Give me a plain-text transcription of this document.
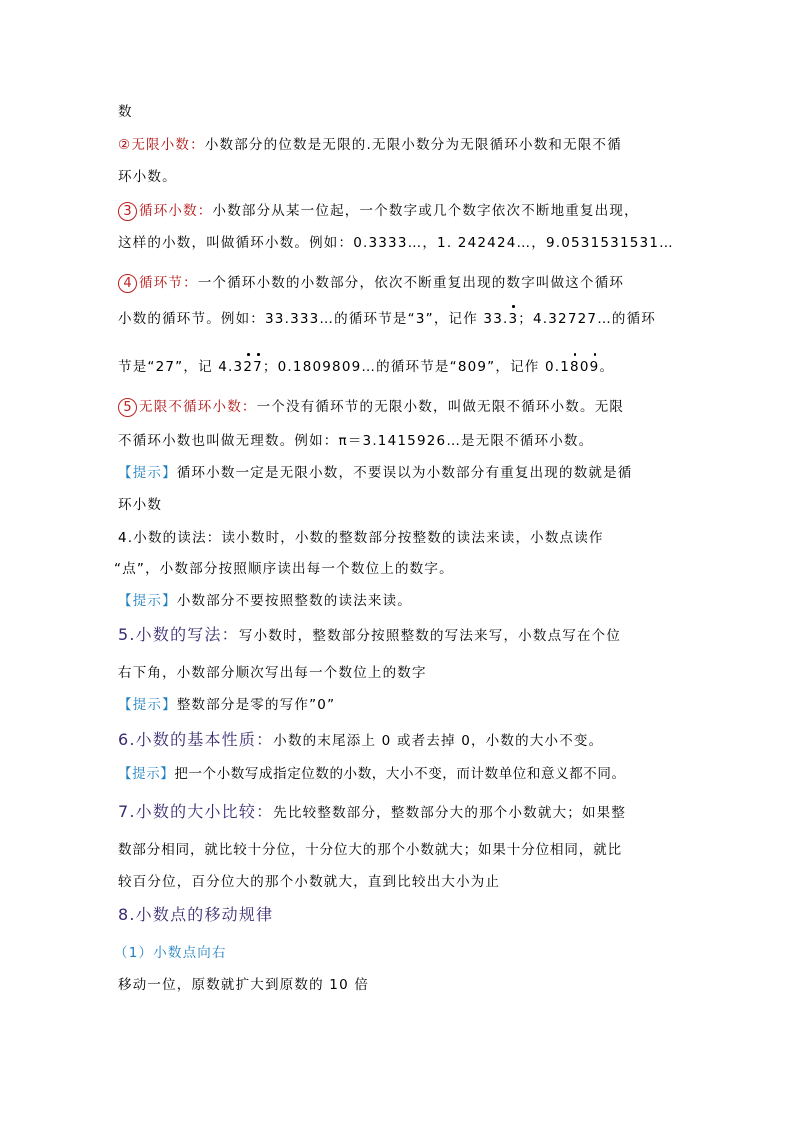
数
②无限小数：小数部分的位数是无限的.无限小数分为无限循环小数和无限不循
环小数。
3 循环小数：小数部分从某一位起，一个数字或几个数字依次不断地重复出现，
这样的小数，叫做循环小数。例如：0.3333…，1. 242424…，9.0531531531…
4 循环节：一个循环小数的小数部分，依次不断重复出现的数字叫做这个循环
小数的循环节。例如：33.333…的循环节是“3”，记作 33.3；4.32727…的循环
节是“27”，记 4.327；0.1809809…的循环节是“809”，记作 0.1809。
5 无限不循环小数：一个没有循环节的无限小数，叫做无限不循环小数。无限
不循环小数也叫做无理数。例如：π＝3.1415926…是无限不循环小数。
【提示】循环小数一定是无限小数，不要误以为小数部分有重复出现的数就是循
环小数
4.小数的读法：读小数时，小数的整数部分按整数的读法来读，小数点读作
“点”，小数部分按照顺序读出每一个数位上的数字。
【提示】小数部分不要按照整数的读法来读。
5.小数的写法：写小数时，整数部分按照整数的写法来写，小数点写在个位
右下角，小数部分顺次写出每一个数位上的数字
【提示】整数部分是零的写作”0”
6.小数的基本性质：小数的末尾添上 0 或者去掉 0，小数的大小不变。
【提示】把一个小数写成指定位数的小数，大小不变，而计数单位和意义都不同。
7.小数的大小比较：先比较整数部分，整数部分大的那个小数就大；如果整
数部分相同，就比较十分位，十分位大的那个小数就大；如果十分位相同，就比
较百分位，百分位大的那个小数就大，直到比较出大小为止
8.小数点的移动规律
（1）小数点向右
移动一位，原数就扩大到原数的 10 倍
